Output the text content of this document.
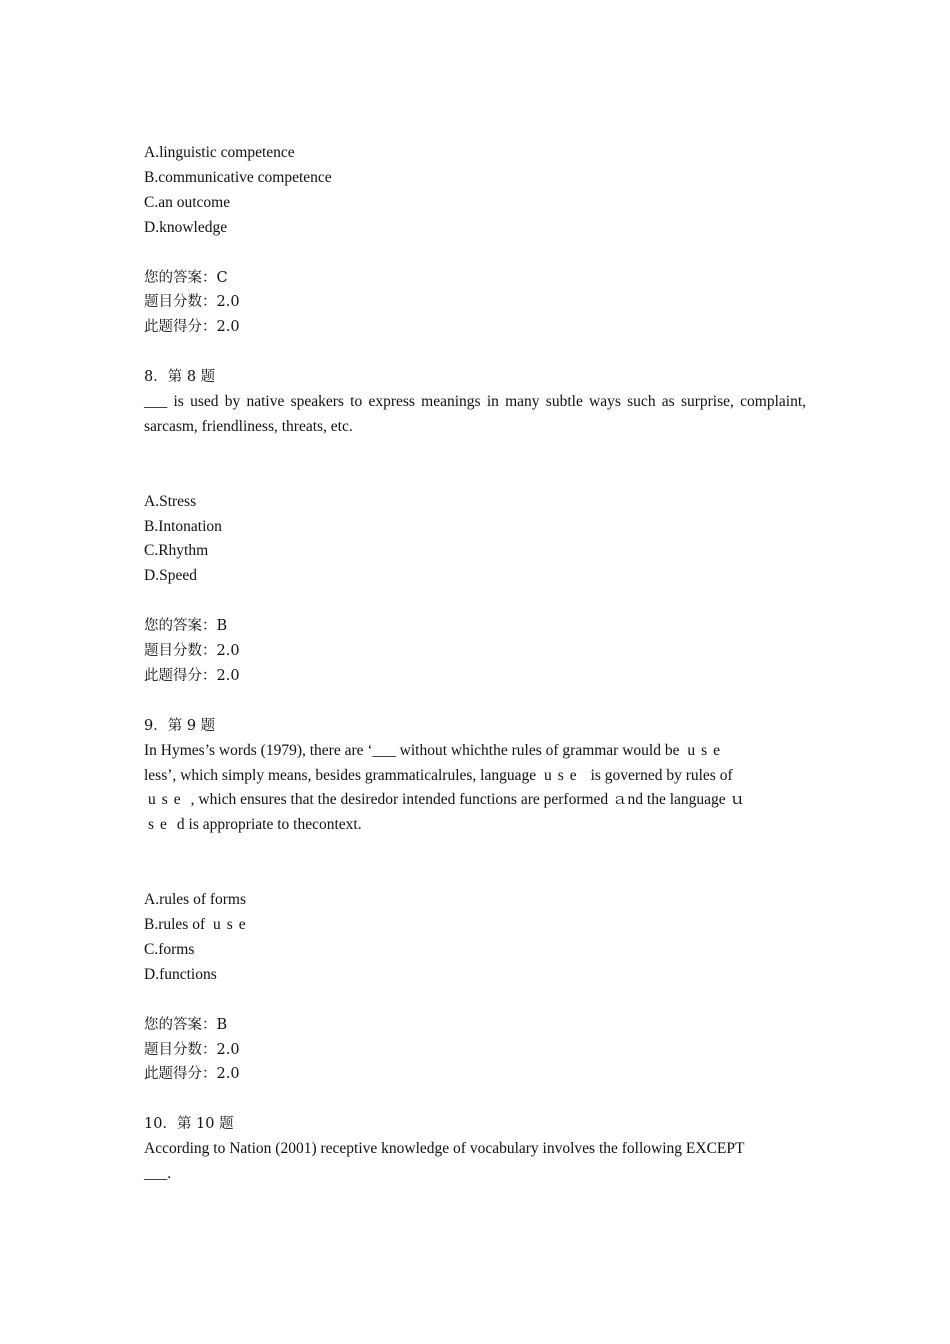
A.linguistic competence

B.communicative competence

C.an outcome

D.knowledge

您的答案：C

题目分数：2.0

此题得分：2.0

8．第 8 题

___ is used by native speakers to express meanings in many subtle ways such as surprise, complaint, sarcasm, friendliness, threats, etc.

A.Stress

B.Intonation

C.Rhythm

D.Speed

您的答案：B

题目分数：2.0

此题得分：2.0

9．第 9 题

In Hymes’s words (1979), there are ‘___ without whichthe rules of grammar would be use

less’, which simply means, besides grammaticalrules, language use is governed by rules of

use , which ensures that the desiredor intended functions are performed ａnd the language ｕ

se d is appropriate to thecontext.

A.rules of forms

B.rules of use

C.forms

D.functions

您的答案：B

题目分数：2.0

此题得分：2.0

10．第 10 题

According to Nation (2001) receptive knowledge of vocabulary involves the following EXCEPT

___.
